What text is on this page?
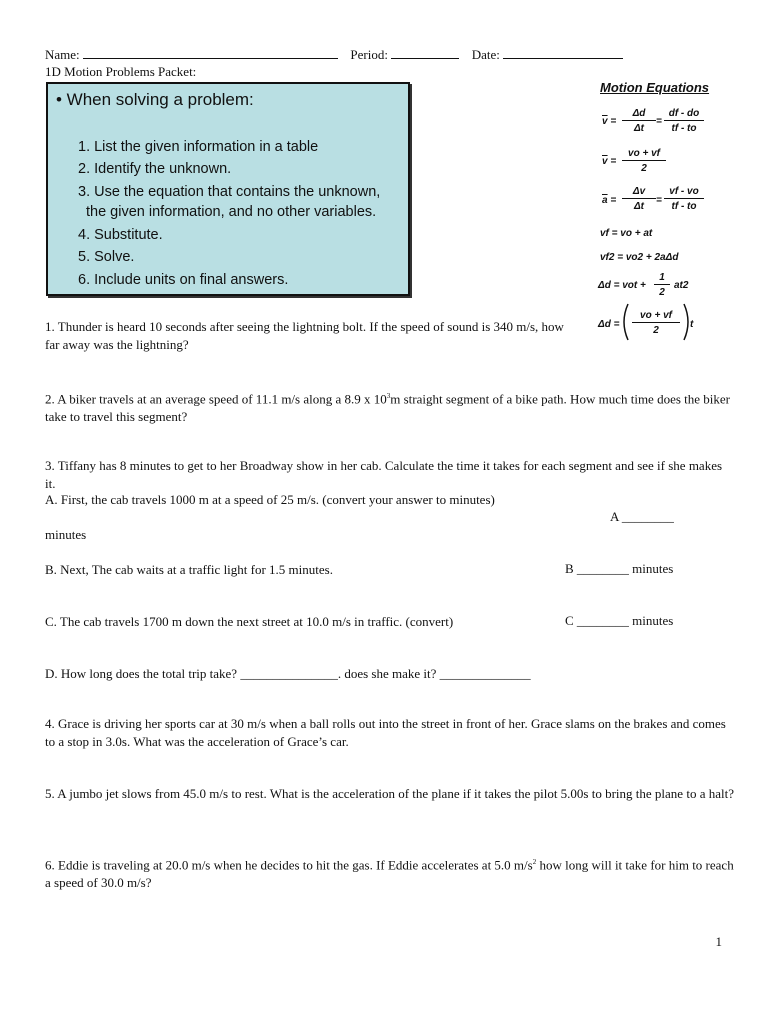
Name:	Period:	Date:
1D Motion Problems Packet:
• When solving a problem:
1. List the given information in a table
2. Identify the unknown.
3. Use the equation that contains the unknown,
the given information, and no other variables.
4. Substitute.
5. Solve.
6. Include units on final answers.
Motion Equations
$\overline{v} = \frac{\Delta d}{\Delta t} = \frac{df - do}{tf - to}$
$\overline{v} = \frac{vo + vf}{2}$
$\overline{a} = \frac{\Delta v}{\Delta t} = \frac{vf - vo}{tf - to}$
vf = vo + at
vf2 = vo2 + 2aΔd
Δd = vot + $\frac{1}{2} at2$
$\Delta d = \frac{vo + vf}{2}$ t
1. Thunder is heard 10 seconds after seeing the lightning bolt. If the speed of sound is 340 m/s, how far away was the lightning?
2. A biker travels at an average speed of 11.1 m/s along a 8.9 x $10^3m$ straight segment of a bike path. How much time does the biker take to travel this segment?
3. Tiffany has 8 minutes to get to her Broadway show in her cab. Calculate the time it takes for each segment and see if she makes it.
A. First, the cab travels 1000 m at a speed of 25 m/s. (convert your answer to minutes)
A ________
minutes
B. Next, The cab waits at a traffic light for 1.5 minutes.	B ________ minutes
C. The cab travels 1700 m down the next street at 10.0 m/s in traffic. (convert)	C ________ minutes
D. How long does the total trip take? _______________. does she make it? ______________
4. Grace is driving her sports car at 30 m/s when a ball rolls out into the street in front of her. Grace slams on the brakes and comes to a stop in 3.0s. What was the acceleration of Grace’s car.
5. A jumbo jet slows from 45.0 m/s to rest. What is the acceleration of the plane if it takes the pilot 5.00s to bring the plane to a halt?
6. Eddie is traveling at 20.0 m/s when he decides to hit the gas. If Eddie accelerates at 5.0 $m/s^2$ how long will it take for him to reach a speed of 30.0 m/s?
1
